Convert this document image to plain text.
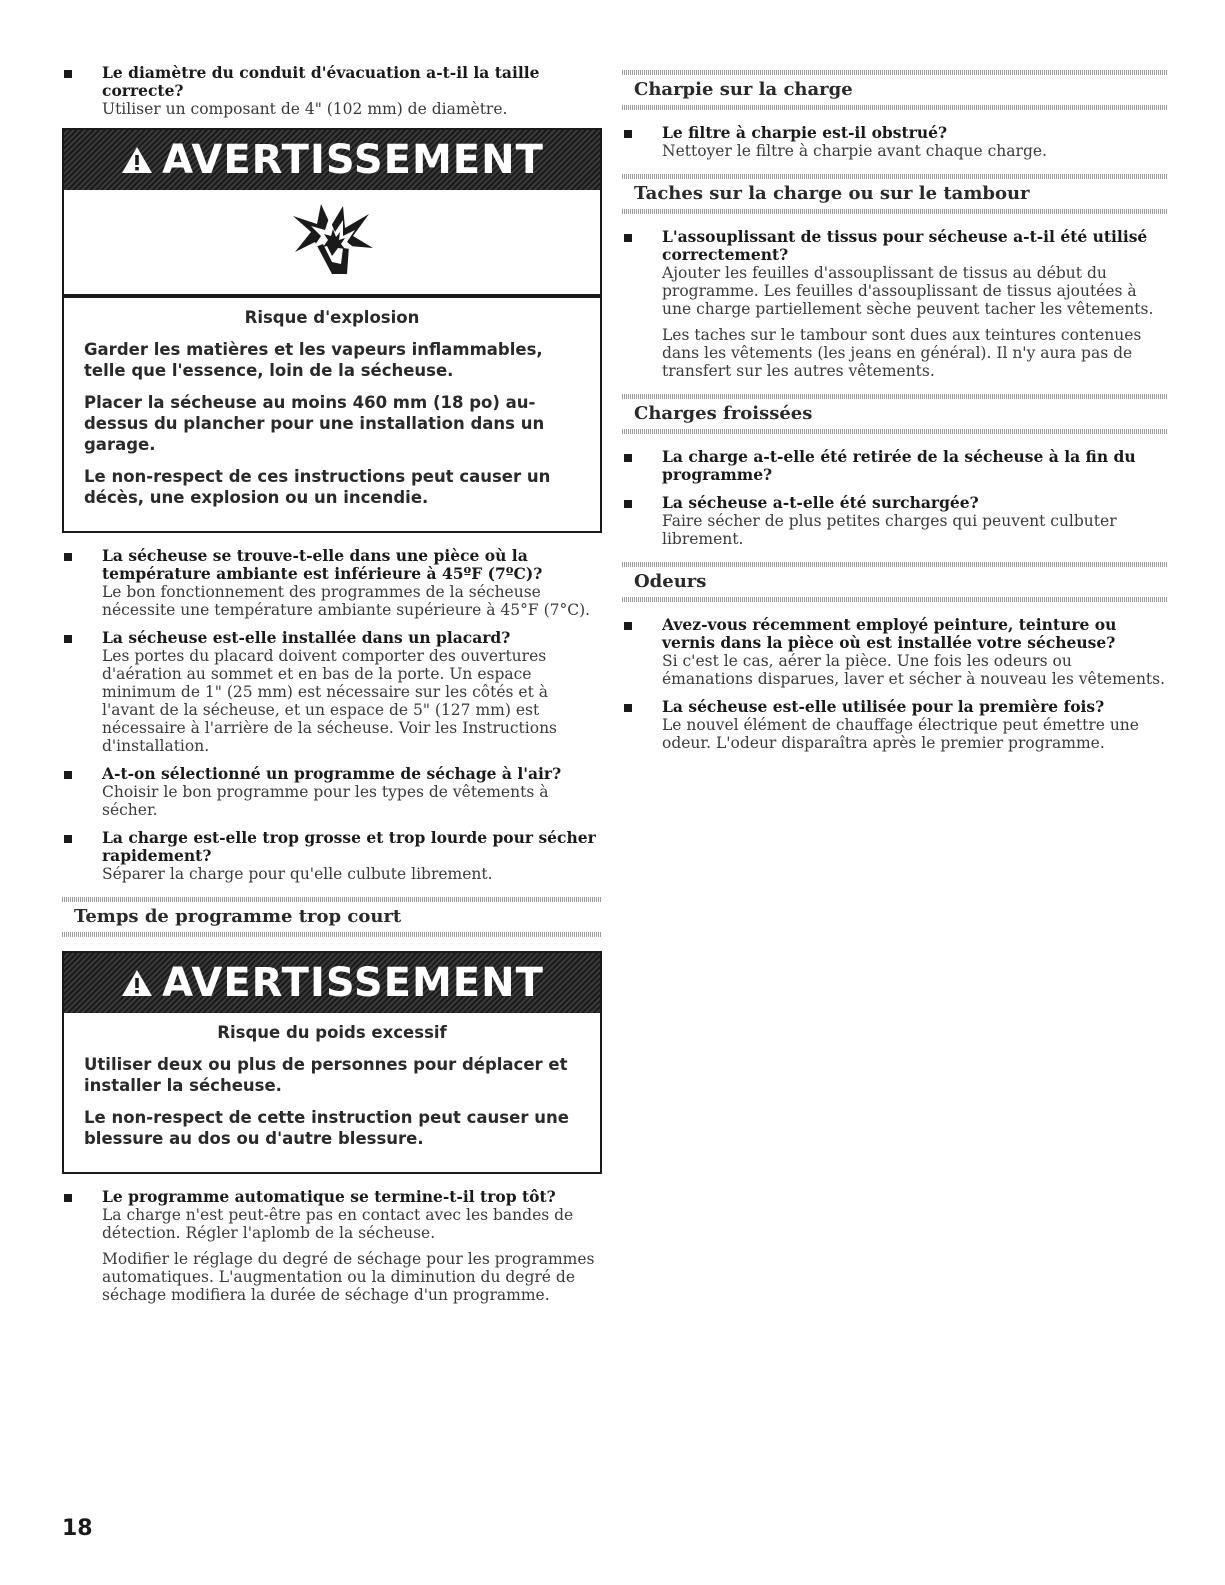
Le diamètre du conduit d'évacuation a-t-il la taille correcte?
Utiliser un composant de 4" (102 mm) de diamètre.
AVERTISSEMENT
Risque d'explosion
Garder les matières et les vapeurs inflammables, telle que l'essence, loin de la sécheuse.
Placer la sécheuse au moins 460 mm (18 po) au-dessus du plancher pour une installation dans un garage.
Le non-respect de ces instructions peut causer un décès, une explosion ou un incendie.
La sécheuse se trouve-t-elle dans une pièce où la température ambiante est inférieure à 45ºF (7ºC)?
Le bon fonctionnement des programmes de la sécheuse nécessite une température ambiante supérieure à 45°F (7°C).
La sécheuse est-elle installée dans un placard?
Les portes du placard doivent comporter des ouvertures d'aération au sommet et en bas de la porte. Un espace minimum de 1" (25 mm) est nécessaire sur les côtés et à l'avant de la sécheuse, et un espace de 5" (127 mm) est nécessaire à l'arrière de la sécheuse. Voir les Instructions d'installation.
A-t-on sélectionné un programme de séchage à l'air?
Choisir le bon programme pour les types de vêtements à sécher.
La charge est-elle trop grosse et trop lourde pour sécher rapidement?
Séparer la charge pour qu'elle culbute librement.
Temps de programme trop court
AVERTISSEMENT
Risque du poids excessif
Utiliser deux ou plus de personnes pour déplacer et installer la sécheuse.
Le non-respect de cette instruction peut causer une blessure au dos ou d'autre blessure.
Le programme automatique se termine-t-il trop tôt?
La charge n'est peut-être pas en contact avec les bandes de détection. Régler l'aplomb de la sécheuse.
Modifier le réglage du degré de séchage pour les programmes automatiques. L'augmentation ou la diminution du degré de séchage modifiera la durée de séchage d'un programme.
Charpie sur la charge
Le filtre à charpie est-il obstrué?
Nettoyer le filtre à charpie avant chaque charge.
Taches sur la charge ou sur le tambour
L'assouplissant de tissus pour sécheuse a-t-il été utilisé correctement?
Ajouter les feuilles d'assouplissant de tissus au début du programme. Les feuilles d'assouplissant de tissus ajoutées à une charge partiellement sèche peuvent tacher les vêtements.
Les taches sur le tambour sont dues aux teintures contenues dans les vêtements (les jeans en général). Il n'y aura pas de transfert sur les autres vêtements.
Charges froissées
La charge a-t-elle été retirée de la sécheuse à la fin du programme?
La sécheuse a-t-elle été surchargée?
Faire sécher de plus petites charges qui peuvent culbuter librement.
Odeurs
Avez-vous récemment employé peinture, teinture ou vernis dans la pièce où est installée votre sécheuse?
Si c'est le cas, aérer la pièce. Une fois les odeurs ou émanations disparues, laver et sécher à nouveau les vêtements.
La sécheuse est-elle utilisée pour la première fois?
Le nouvel élément de chauffage électrique peut émettre une odeur. L'odeur disparaîtra après le premier programme.
18
